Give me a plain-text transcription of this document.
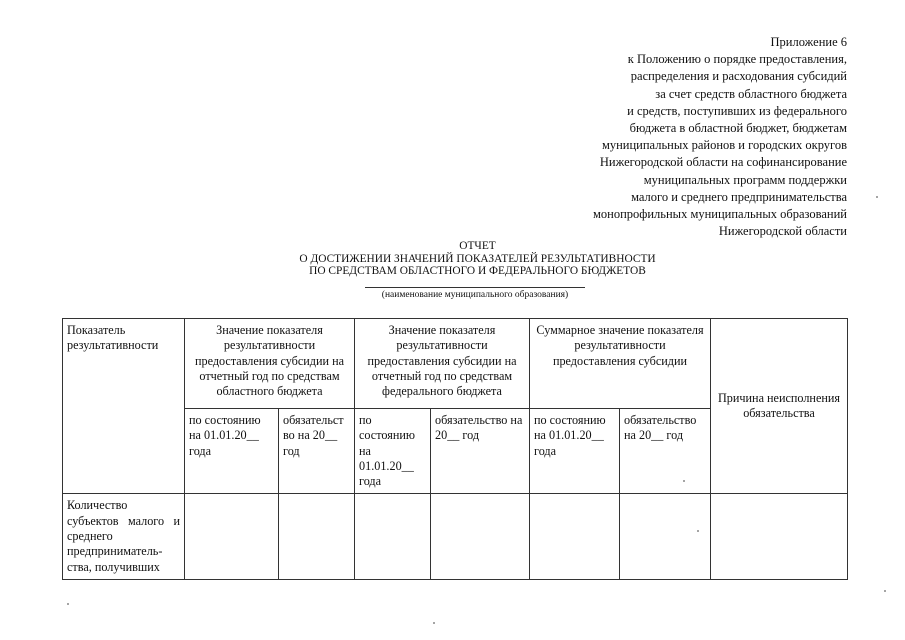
Приложение 6
к Положению о порядке предоставления,
распределения и расходования субсидий
за счет средств областного бюджета
и средств, поступивших из федерального
бюджета в областной бюджет, бюджетам
муниципальных районов и городских округов
Нижегородской области на софинансирование
муниципальных программ поддержки
малого и среднего предпринимательства
монопрофильных муниципальных образований
Нижегородской области
ОТЧЕТ
О ДОСТИЖЕНИИ ЗНАЧЕНИЙ ПОКАЗАТЕЛЕЙ РЕЗУЛЬТАТИВНОСТИ
ПО СРЕДСТВАМ ОБЛАСТНОГО И ФЕДЕРАЛЬНОГО БЮДЖЕТОВ
(наименование муниципального образования)
Показатель результативности	Значение показателя результативности предоставления субсидии на отчетный год по средствам областного бюджета		Значение показателя результативности предоставления субсидии на отчетный год по средствам федерального бюджета		Суммарное значение показателя результативности предоставления субсидии		Причина неисполнения обязательства
	по состоянию на 01.01.20__ года	обязательст во на 20__ год	по состоянию на 01.01.20__ года	обязательство на 20__ год	по состоянию на 01.01.20__ года	обязательство на 20__ год	
Количество субъектов малого и среднего предприниматель-ства, получивших							
